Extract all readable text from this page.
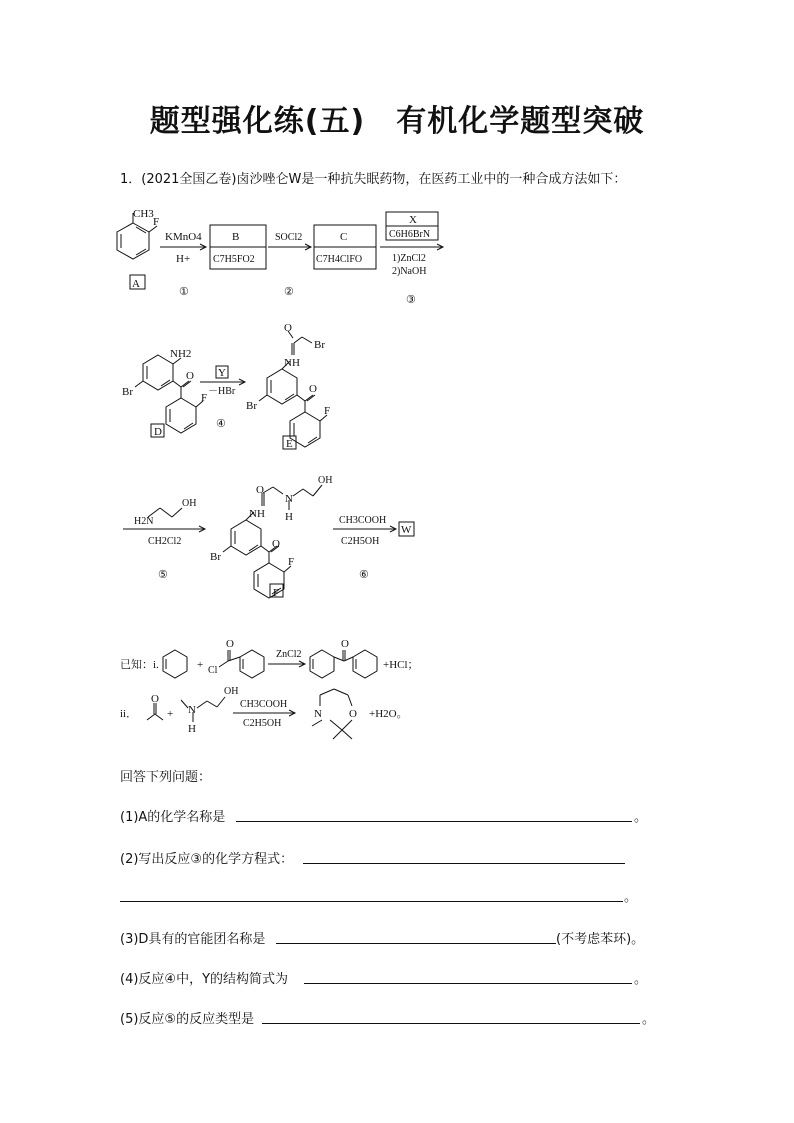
题型强化练(五)　有机化学题型突破
1．(2021全国乙卷)卤沙唑仑W是一种抗失眠药物，在医药工业中的一种合成方法如下：
CH3
F
KMnO4
H+
①
A
B
C7H5FO2
SOCl2
②
C
C7H4ClFO
X
C6H6BrN
1)ZnCl2
2)NaOH
③
NH2
Br
O
F
D
Y
－HBr
④
O
Br
NH
Br
O
F
E
H2N
OH
CH2Cl2
⑤
O
N
H
OH
NH
Br
O
F
F
CH3COOH
C2H5OH
⑥
W
已知：i.	+ Cl
O
ZnCl2
O
+HCl；
ii．
O
+ N
H
OH
CH3COOH
C2H5OH
N O +H2O。
回答下列问题：
(1)A的化学名称是	。
(2)写出反应③的化学方程式：
。
(3)D具有的官能团名称是	(不考虑苯环)。
(4)反应④中，Y的结构简式为	。
(5)反应⑤的反应类型是	。
